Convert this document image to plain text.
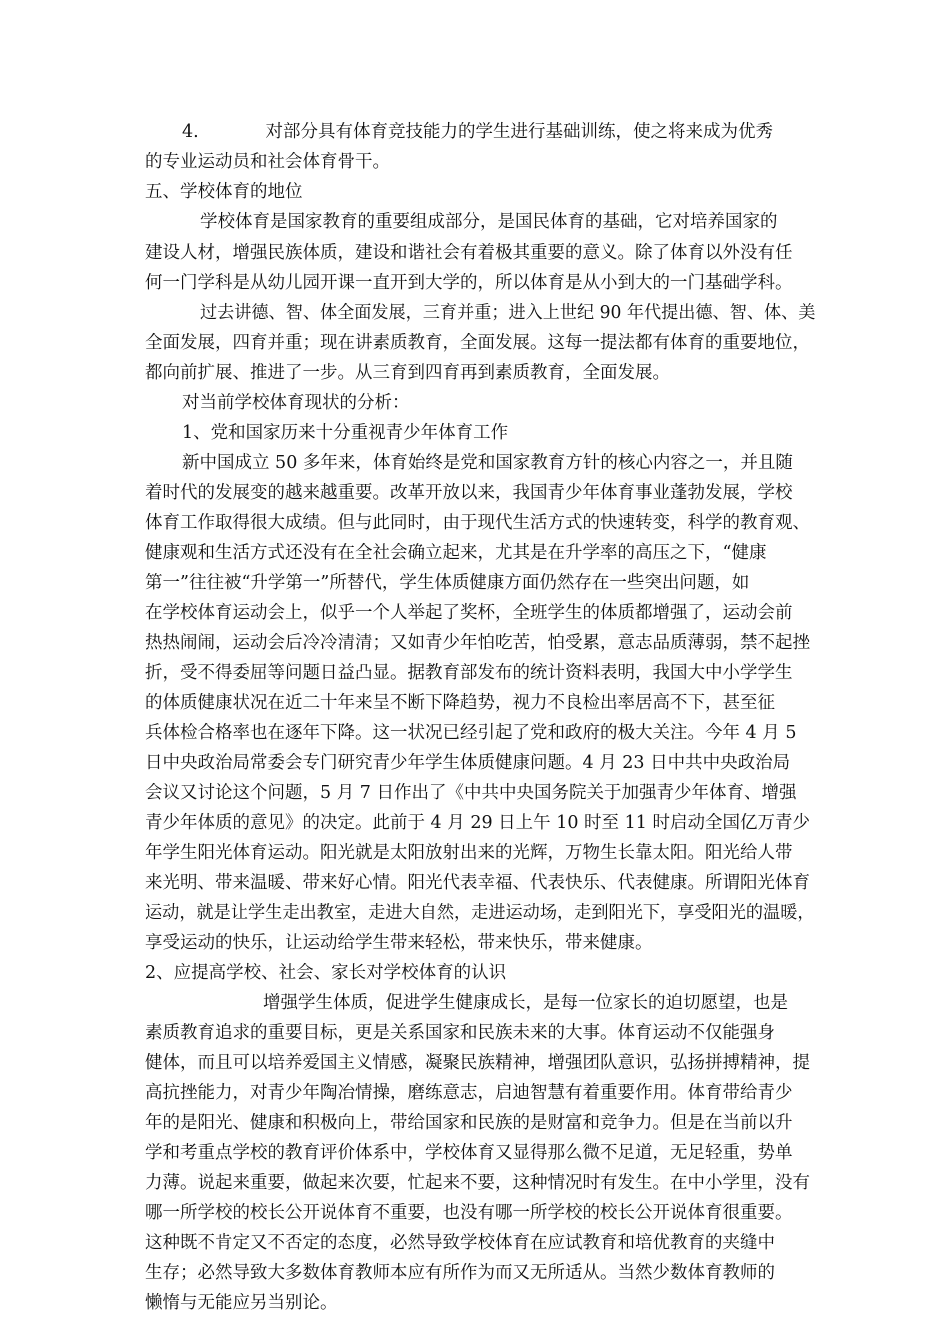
4.            对部分具有体育竞技能力的学生进行基础训练，使之将来成为优秀
的专业运动员和社会体育骨干。
五、学校体育的地位
学校体育是国家教育的重要组成部分，是国民体育的基础，它对培养国家的
建设人材，增强民族体质，建设和谐社会有着极其重要的意义。除了体育以外没有任
何一门学科是从幼儿园开课一直开到大学的，所以体育是从小到大的一门基础学科。
过去讲德、智、体全面发展，三育并重；进入上世纪 90 年代提出德、智、体、美
全面发展，四育并重；现在讲素质教育，全面发展。这每一提法都有体育的重要地位，
都向前扩展、推进了一步。从三育到四育再到素质教育，全面发展。
对当前学校体育现状的分析：
1、党和国家历来十分重视青少年体育工作
新中国成立 50 多年来，体育始终是党和国家教育方针的核心内容之一，并且随
着时代的发展变的越来越重要。改革开放以来，我国青少年体育事业蓬勃发展，学校
体育工作取得很大成绩。但与此同时，由于现代生活方式的快速转变，科学的教育观、
健康观和生活方式还没有在全社会确立起来，尤其是在升学率的高压之下，“健康
第一”往往被“升学第一”所替代，学生体质健康方面仍然存在一些突出问题，如
在学校体育运动会上，似乎一个人举起了奖杯，全班学生的体质都增强了，运动会前
热热闹闹，运动会后冷冷清清；又如青少年怕吃苦，怕受累，意志品质薄弱，禁不起挫
折，受不得委屈等问题日益凸显。据教育部发布的统计资料表明，我国大中小学学生
的体质健康状况在近二十年来呈不断下降趋势，视力不良检出率居高不下，甚至征
兵体检合格率也在逐年下降。这一状况已经引起了党和政府的极大关注。今年 4 月 5
日中央政治局常委会专门研究青少年学生体质健康问题。4 月 23 日中共中央政治局
会议又讨论这个问题，5 月 7 日作出了《中共中央国务院关于加强青少年体育、增强
青少年体质的意见》的决定。此前于 4 月 29 日上午 10 时至 11 时启动全国亿万青少
年学生阳光体育运动。阳光就是太阳放射出来的光辉，万物生长靠太阳。阳光给人带
来光明、带来温暖、带来好心情。阳光代表幸福、代表快乐、代表健康。所谓阳光体育
运动，就是让学生走出教室，走进大自然，走进运动场，走到阳光下，享受阳光的温暖，
享受运动的快乐，让运动给学生带来轻松，带来快乐，带来健康。
2、应提高学校、社会、家长对学校体育的认识
增强学生体质，促进学生健康成长，是每一位家长的迫切愿望，也是
素质教育追求的重要目标，更是关系国家和民族未来的大事。体育运动不仅能强身
健体，而且可以培养爱国主义情感，凝聚民族精神，增强团队意识，弘扬拼搏精神，提
高抗挫能力，对青少年陶冶情操，磨练意志，启迪智慧有着重要作用。体育带给青少
年的是阳光、健康和积极向上，带给国家和民族的是财富和竞争力。但是在当前以升
学和考重点学校的教育评价体系中，学校体育又显得那么微不足道，无足轻重，势单
力薄。说起来重要，做起来次要，忙起来不要，这种情况时有发生。在中小学里，没有
哪一所学校的校长公开说体育不重要，也没有哪一所学校的校长公开说体育很重要。
这种既不肯定又不否定的态度，必然导致学校体育在应试教育和培优教育的夹缝中
生存；必然导致大多数体育教师本应有所作为而又无所适从。当然少数体育教师的
懒惰与无能应另当别论。
